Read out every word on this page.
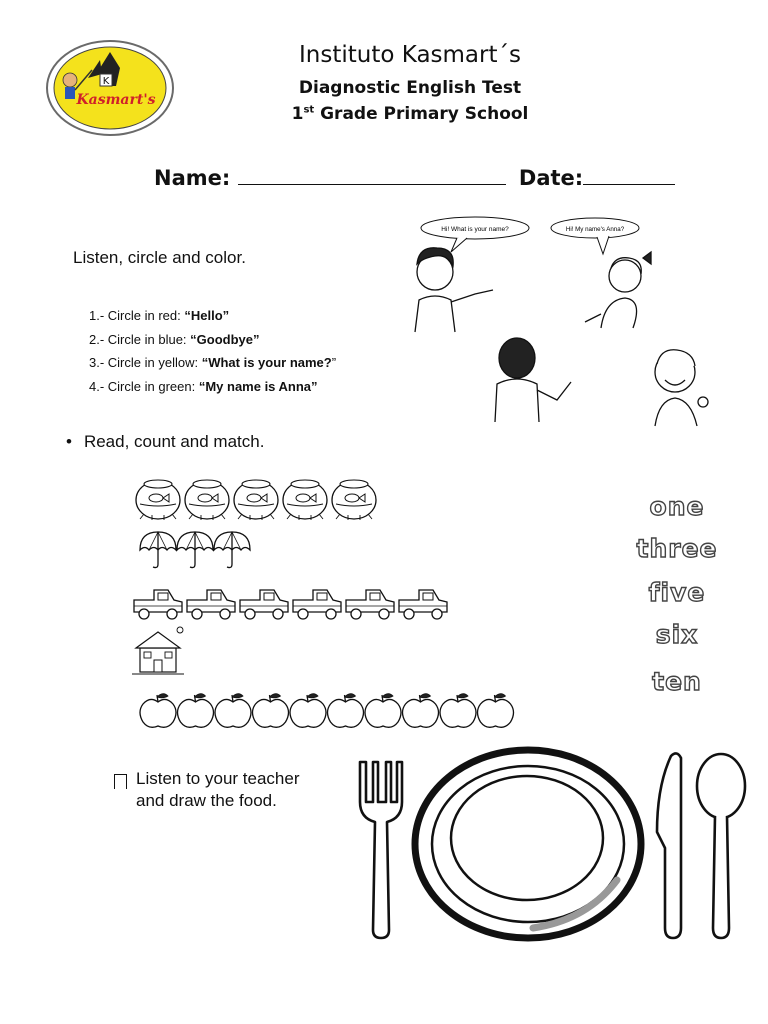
K
Kasmart's
Instituto Kasmart´s
Diagnostic English Test
1st Grade Primary School
Name:	Date:
Listen, circle and color.
1.- Circle in red: “Hello”
2.- Circle in blue: “Goodbye”
3.- Circle in yellow: “What is your name?”
4.- Circle in green: “My name is Anna”
Hi! What is your name?	Hi! My name's Anna?
• Read, count and match.
one
three
five
six
ten
Listen to your teacher
and draw the food.
